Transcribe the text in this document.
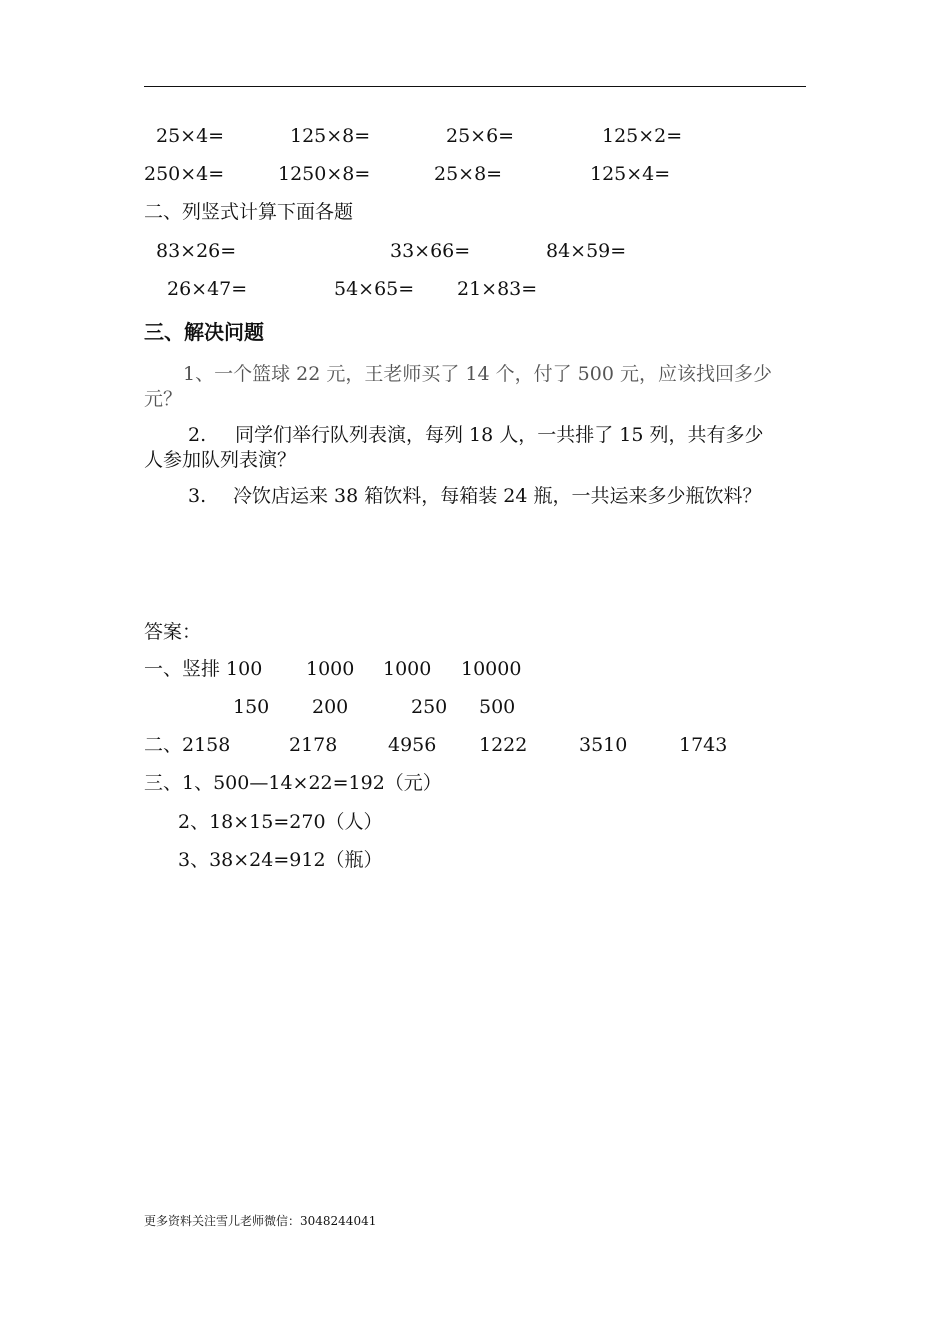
25×4=	125×8=	25×6=	125×2=
250×4=	1250×8=	25×8=	125×4=
二、列竖式计算下面各题
83×26=	33×66=	84×59=
26×47=	54×65= 21×83=
三、解决问题
1、一个篮球 22 元，王老师买了 14 个，付了 500 元，应该找回多少
元？
2. 同学们举行队列表演，每列 18 人，一共排了 15 列，共有多少
人参加队列表演？
3. 冷饮店运来 38 箱饮料，每箱装 24 瓶，一共运来多少瓶饮料？
答案：
一、竖排 100 1000 1000 10000
150 200	250 500
二、2158	2178	4956 1222	3510	1743
三、1、500—14×22=192（元）
2、18×15=270（人）
3、38×24=912（瓶）
更多资料关注雪儿老师微信：3048244041
